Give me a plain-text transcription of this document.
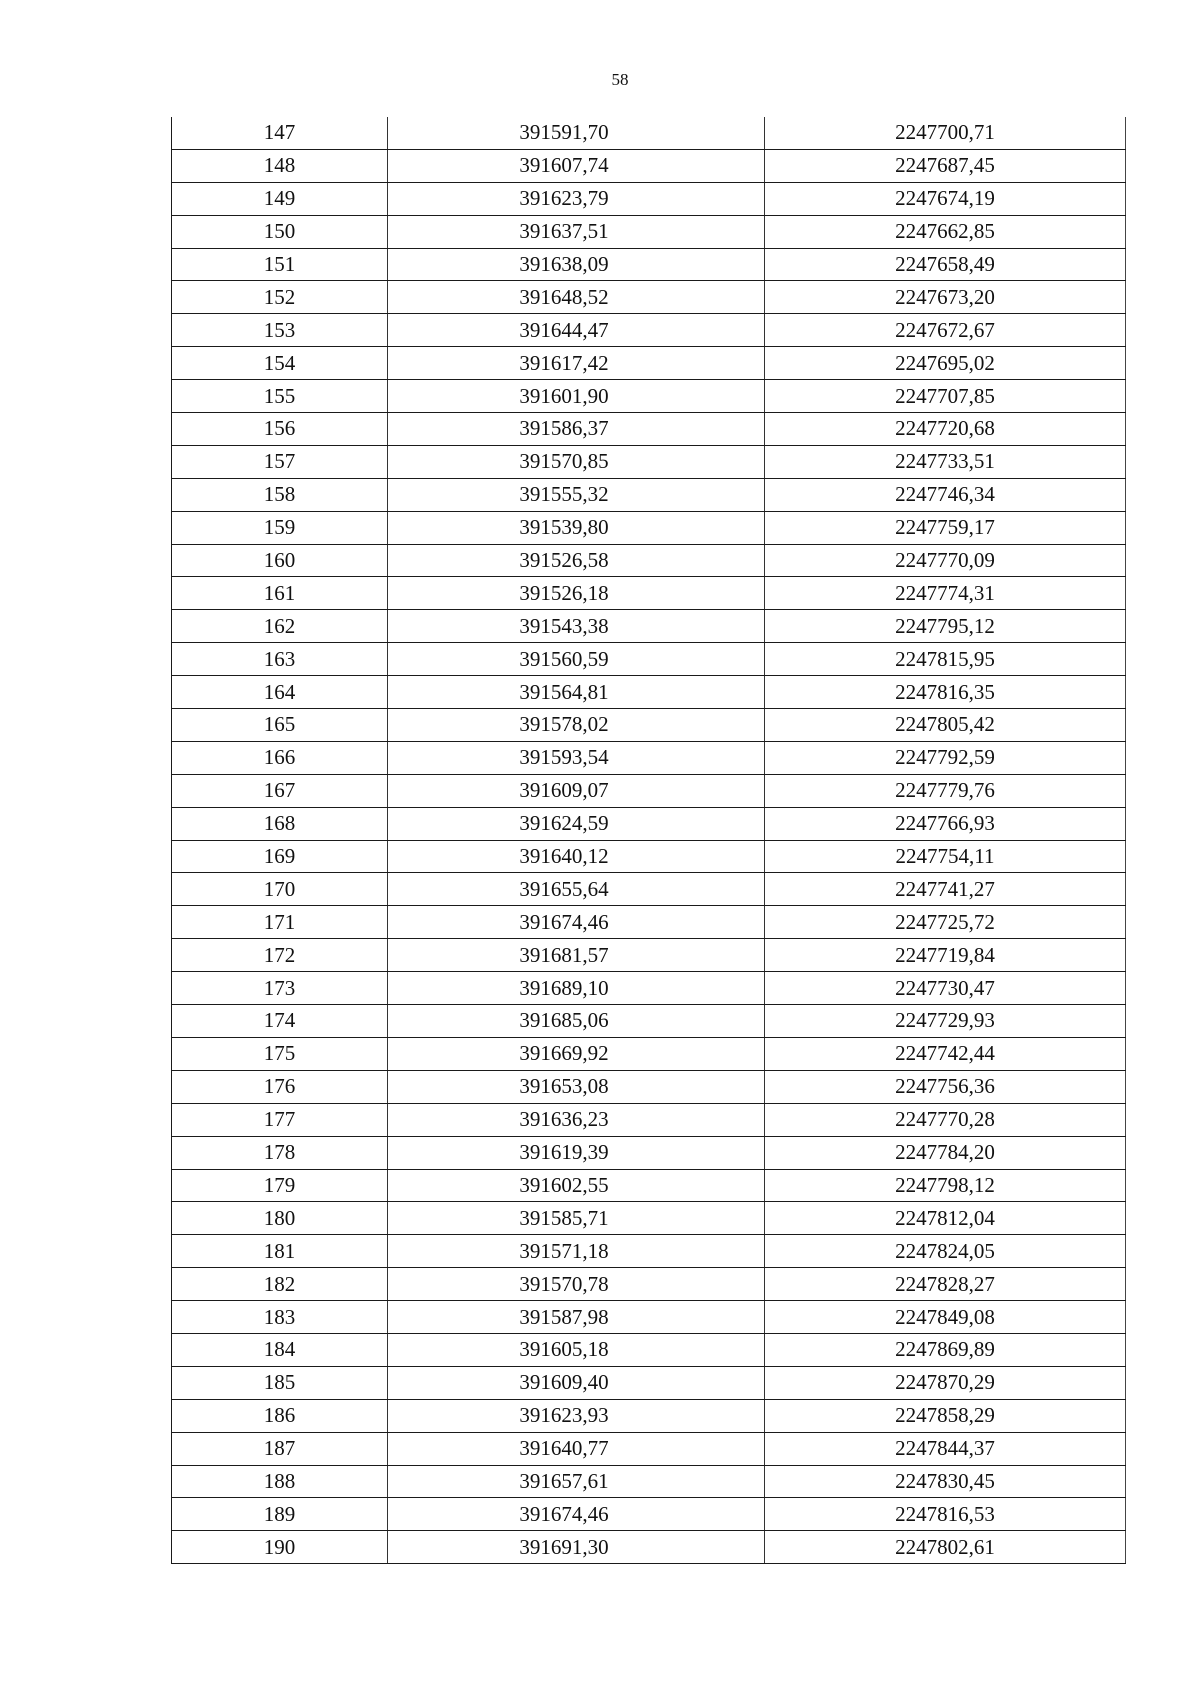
58
147	391591,70	2247700,71
148	391607,74	2247687,45
149	391623,79	2247674,19
150	391637,51	2247662,85
151	391638,09	2247658,49
152	391648,52	2247673,20
153	391644,47	2247672,67
154	391617,42	2247695,02
155	391601,90	2247707,85
156	391586,37	2247720,68
157	391570,85	2247733,51
158	391555,32	2247746,34
159	391539,80	2247759,17
160	391526,58	2247770,09
161	391526,18	2247774,31
162	391543,38	2247795,12
163	391560,59	2247815,95
164	391564,81	2247816,35
165	391578,02	2247805,42
166	391593,54	2247792,59
167	391609,07	2247779,76
168	391624,59	2247766,93
169	391640,12	2247754,11
170	391655,64	2247741,27
171	391674,46	2247725,72
172	391681,57	2247719,84
173	391689,10	2247730,47
174	391685,06	2247729,93
175	391669,92	2247742,44
176	391653,08	2247756,36
177	391636,23	2247770,28
178	391619,39	2247784,20
179	391602,55	2247798,12
180	391585,71	2247812,04
181	391571,18	2247824,05
182	391570,78	2247828,27
183	391587,98	2247849,08
184	391605,18	2247869,89
185	391609,40	2247870,29
186	391623,93	2247858,29
187	391640,77	2247844,37
188	391657,61	2247830,45
189	391674,46	2247816,53
190	391691,30	2247802,61
